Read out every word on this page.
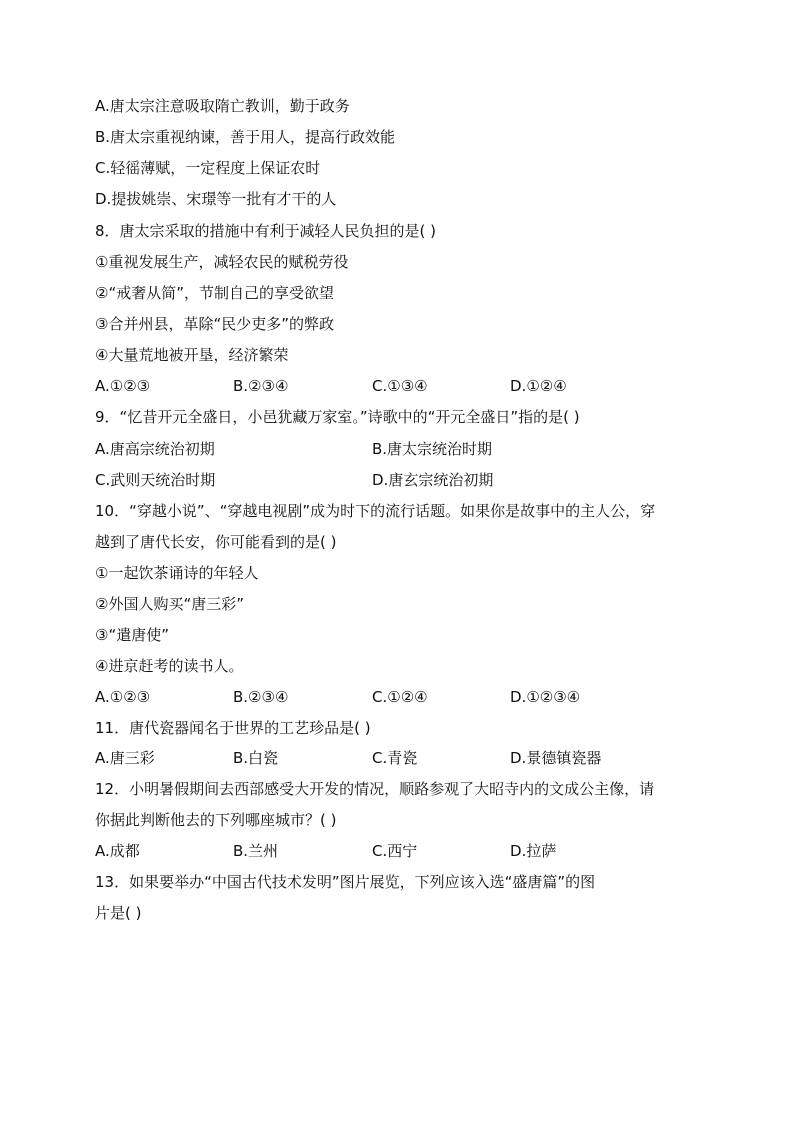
A.唐太宗注意吸取隋亡教训，勤于政务
B.唐太宗重视纳谏，善于用人，提高行政效能
C.轻徭薄赋，一定程度上保证农时
D.提拔姚崇、宋璟等一批有才干的人
8．唐太宗采取的措施中有利于减轻人民负担的是( )
①重视发展生产，减轻农民的赋税劳役
②“戒奢从简”，节制自己的享受欲望
③合并州县，革除“民少吏多”的弊政
④大量荒地被开垦，经济繁荣
A.①②③	B.②③④	C.①③④	D.①②④
9．“忆昔开元全盛日，小邑犹藏万家室。”诗歌中的“开元全盛日”指的是( )
A.唐高宗统治初期	B.唐太宗统治时期
C.武则天统治时期	D.唐玄宗统治初期
10．“穿越小说”、“穿越电视剧”成为时下的流行话题。如果你是故事中的主人公，穿
越到了唐代长安，你可能看到的是( )
①一起饮茶诵诗的年轻人
②外国人购买“唐三彩”
③“遣唐使”
④进京赶考的读书人。
A.①②③	B.②③④	C.①②④	D.①②③④
11．唐代瓷器闻名于世界的工艺珍品是( )
A.唐三彩	B.白瓷	C.青瓷	D.景德镇瓷器
12．小明暑假期间去西部感受大开发的情况，顺路参观了大昭寺内的文成公主像，请
你据此判断他去的下列哪座城市？( )
A.成都	B.兰州	C.西宁	D.拉萨
13．如果要举办“中国古代技术发明”图片展览，下列应该入选“盛唐篇”的图
片是( )
